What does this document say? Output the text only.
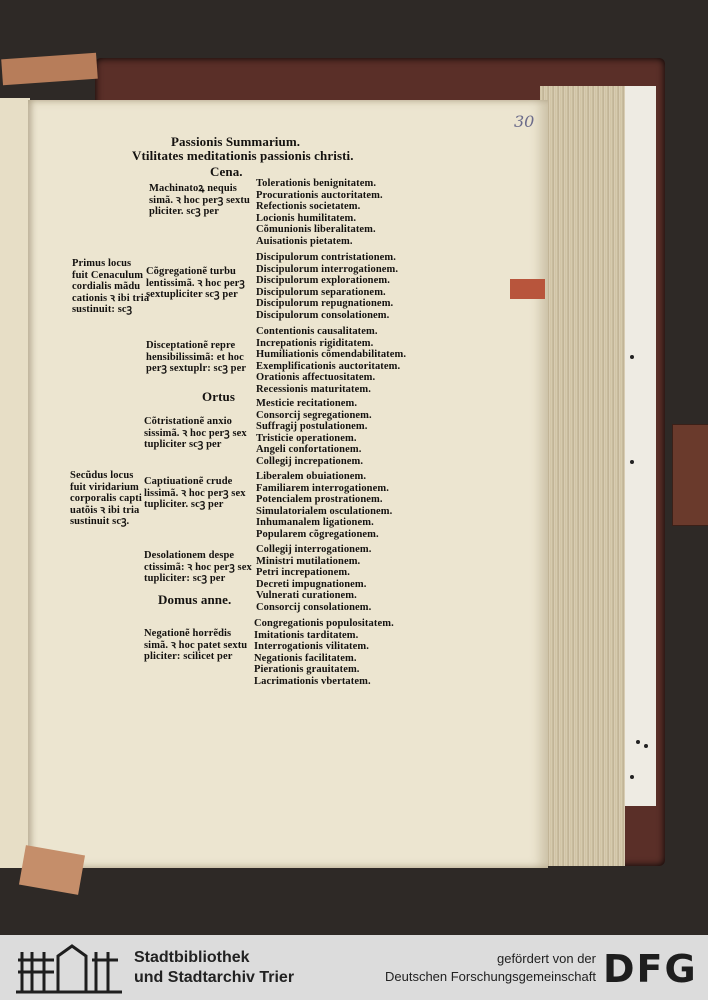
30
Passionis Summarium.
Vtilitates meditationis passionis christi.
Cena.
Machinatoꝝ nequis
simã. ꝛ hoc perꝫ sextu
pliciter. scꝫ per
Tolerationis benignitatem.
Procurationis auctoritatem.
Refectionis societatem.
Locionis humilitatem.
Cõmunionis liberalitatem.
Auisationis pietatem.
Primus locus
fuit Cenaculum
cordialis mãdu
cationis ꝛ ibi tria
sustinuit: scꝫ
Cõgregationẽ turbu
lentissimã. ꝛ hoc perꝫ
sextupliciter scꝫ per
Discipulorum contristationem.
Discipulorum interrogationem.
Discipulorum explorationem.
Discipulorum separationem.
Discipulorum repugnationem.
Discipulorum consolationem.
Disceptationẽ repre
hensibilissimã: et hoc
perꝫ sextuplr: scꝫ per
Contentionis causalitatem.
Increpationis rigiditatem.
Humiliationis cõmendabilitatem.
Exemplificationis auctoritatem.
Orationis affectuositatem.
Recessionis maturitatem.
Ortus
Cõtristationẽ anxio
sissimã. ꝛ hoc perꝫ sex
tupliciter scꝫ per
Mesticie recitationem.
Consorcij segregationem.
Suffragij postulationem.
Tristicie operationem.
Angeli confortationem.
Collegij increpationem.
Secũdus locus
fuit viridarium
corporalis capti
uatõis ꝛ ibi tria
sustinuit scꝫ.
Captiuationẽ crude
lissimã. ꝛ hoc perꝫ sex
tupliciter. scꝫ per
Liberalem obuiationem.
Familiarem interrogationem.
Potencialem prostrationem.
Simulatorialem osculationem.
Inhumanalem ligationem.
Popularem cõgregationem.
Desolationem despe
ctissimã: ꝛ hoc perꝫ sex
tupliciter: scꝫ per
Collegij interrogationem.
Ministri mutilationem.
Petri increpationem.
Decreti impugnationem.
Vulnerati curationem.
Consorcij consolationem.
Domus anne.
Negationẽ horrẽdis
simã. ꝛ hoc patet sextu
pliciter: scilicet per
Congregationis populositatem.
Imitationis tarditatem.
Interrogationis vilitatem.
Negationis facilitatem.
Pierationis grauitatem.
Lacrimationis vbertatem.
Stadtbibliothek
und Stadtarchiv Trier
gefördert von der
Deutschen Forschungsgemeinschaft DFG
